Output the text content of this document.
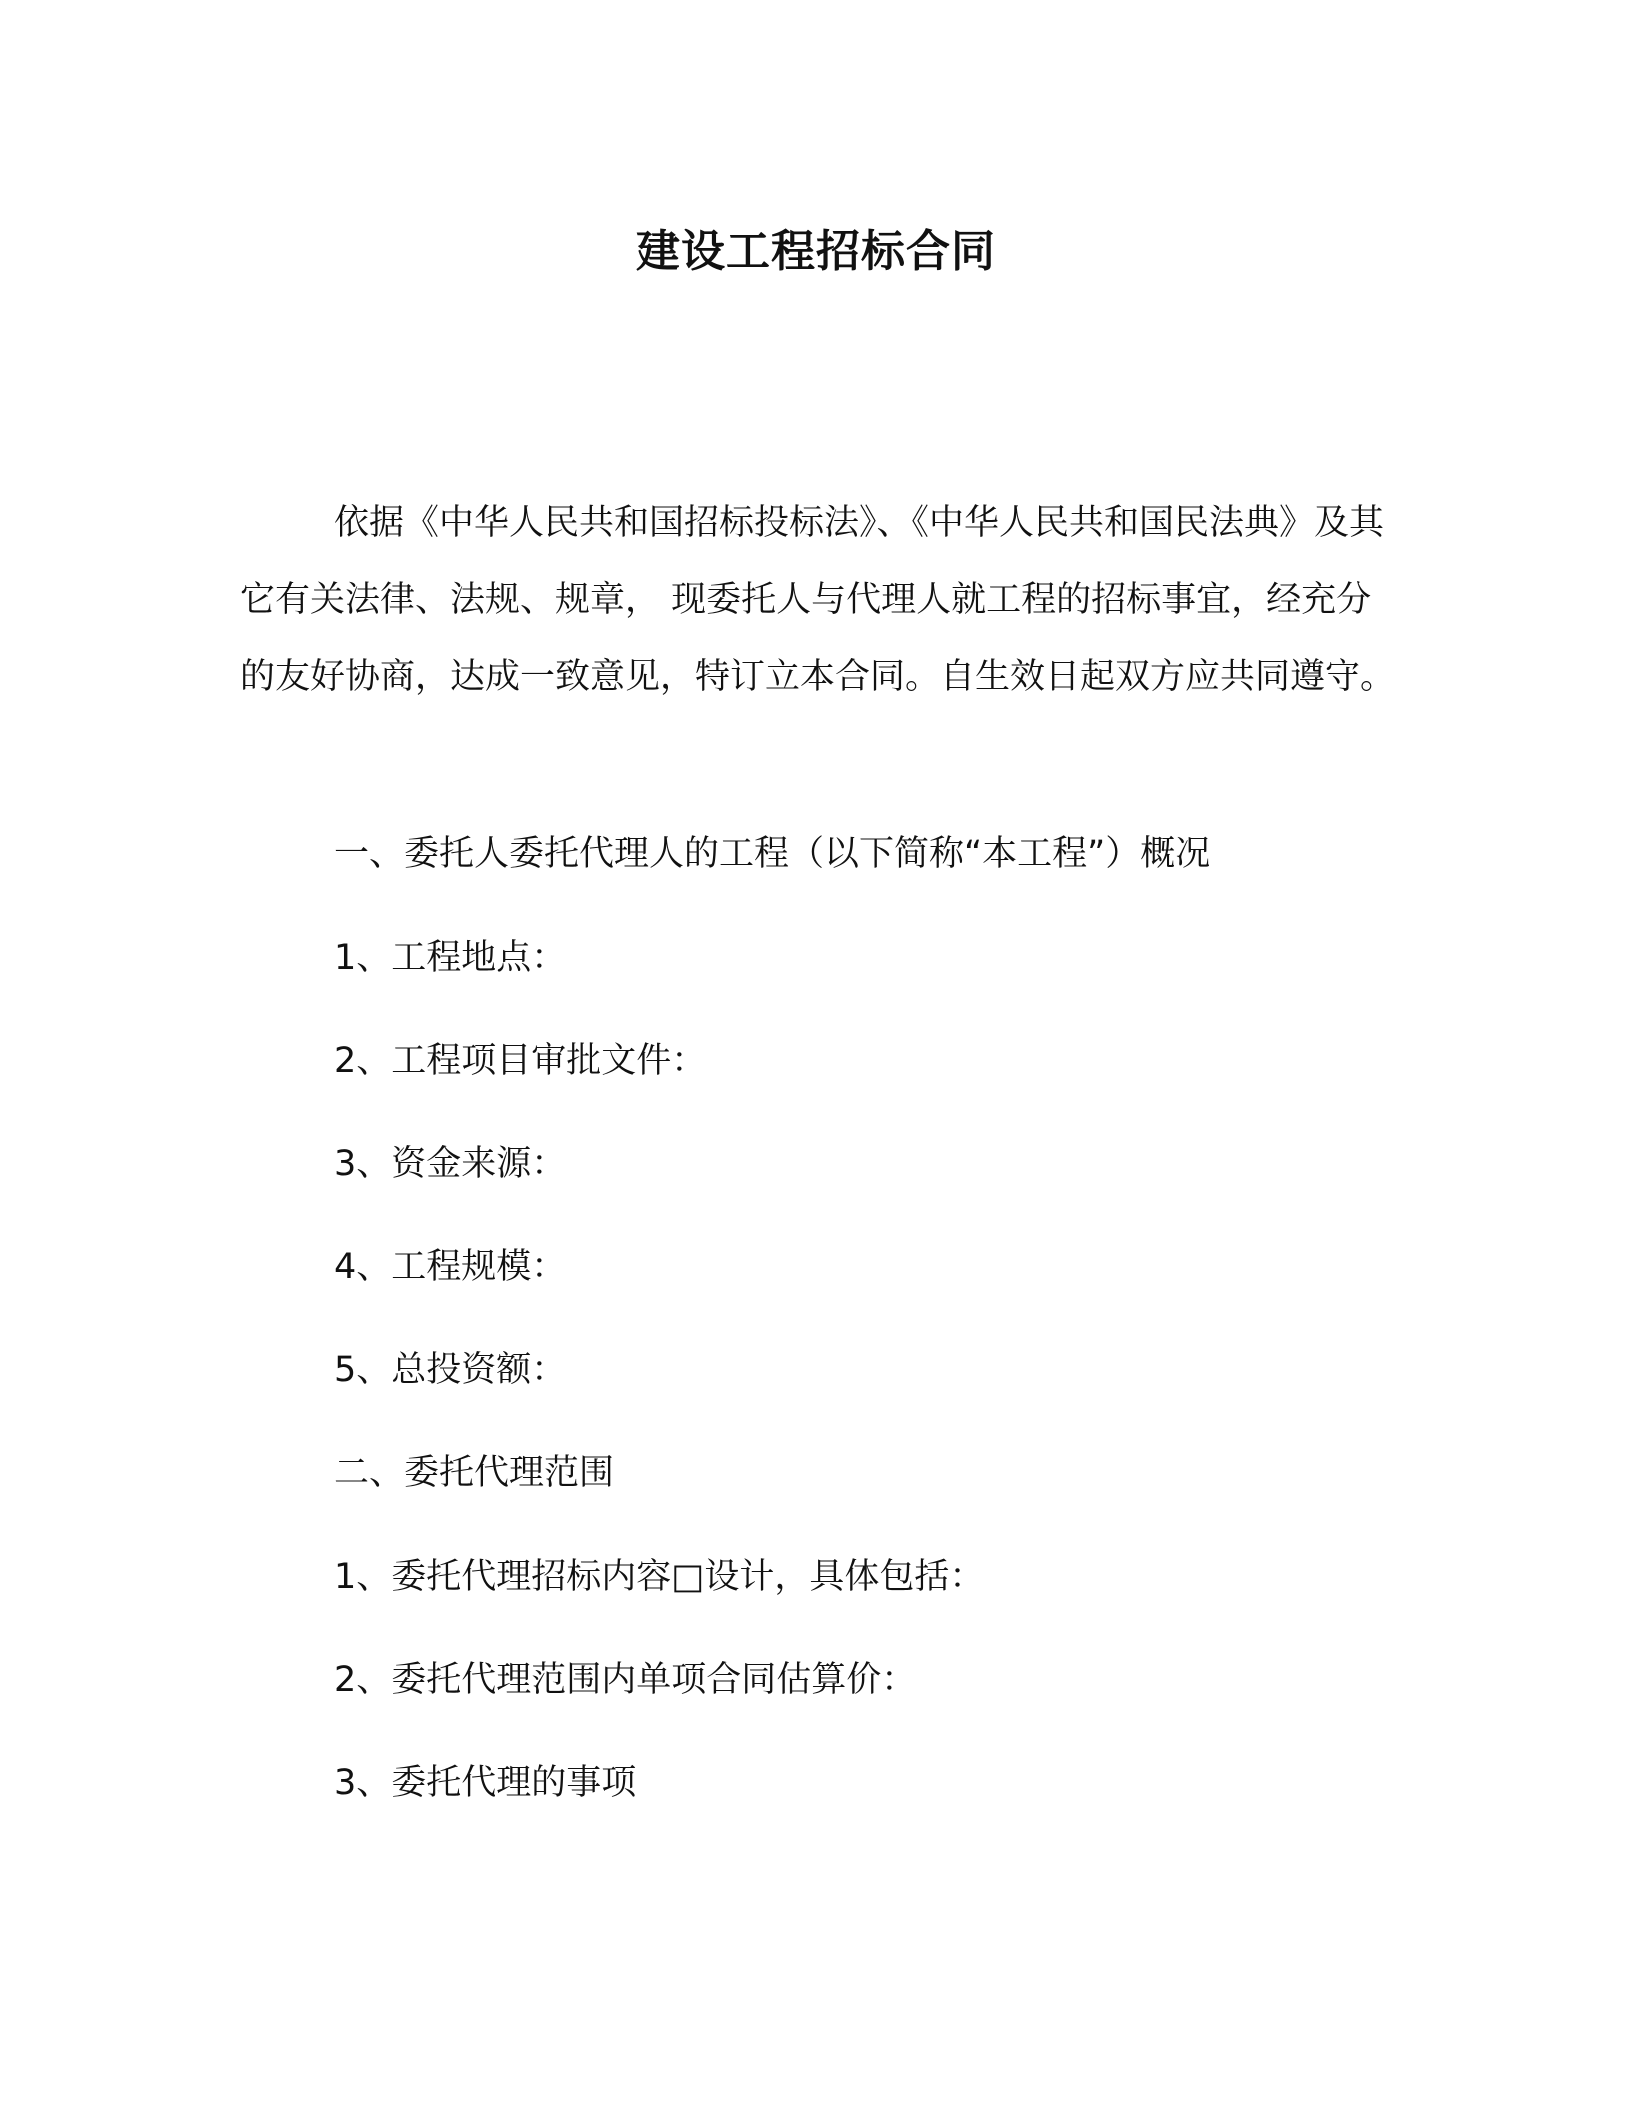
建设工程招标合同

依据《中华人民共和国招标投标法》、《中华人民共和国民法典》及其它有关法律、法规、规章， 现委托人与代理人就工程的招标事宜，经充分的友好协商，达成一致意见，特订立本合同。自生效日起双方应共同遵守。

一、委托人委托代理人的工程（以下简称“本工程”）概况
1、工程地点：
2、工程项目审批文件：
3、资金来源：
4、工程规模：
5、总投资额：
二、委托代理范围
1、委托代理招标内容□设计，具体包括：
2、委托代理范围内单项合同估算价：
3、委托代理的事项
